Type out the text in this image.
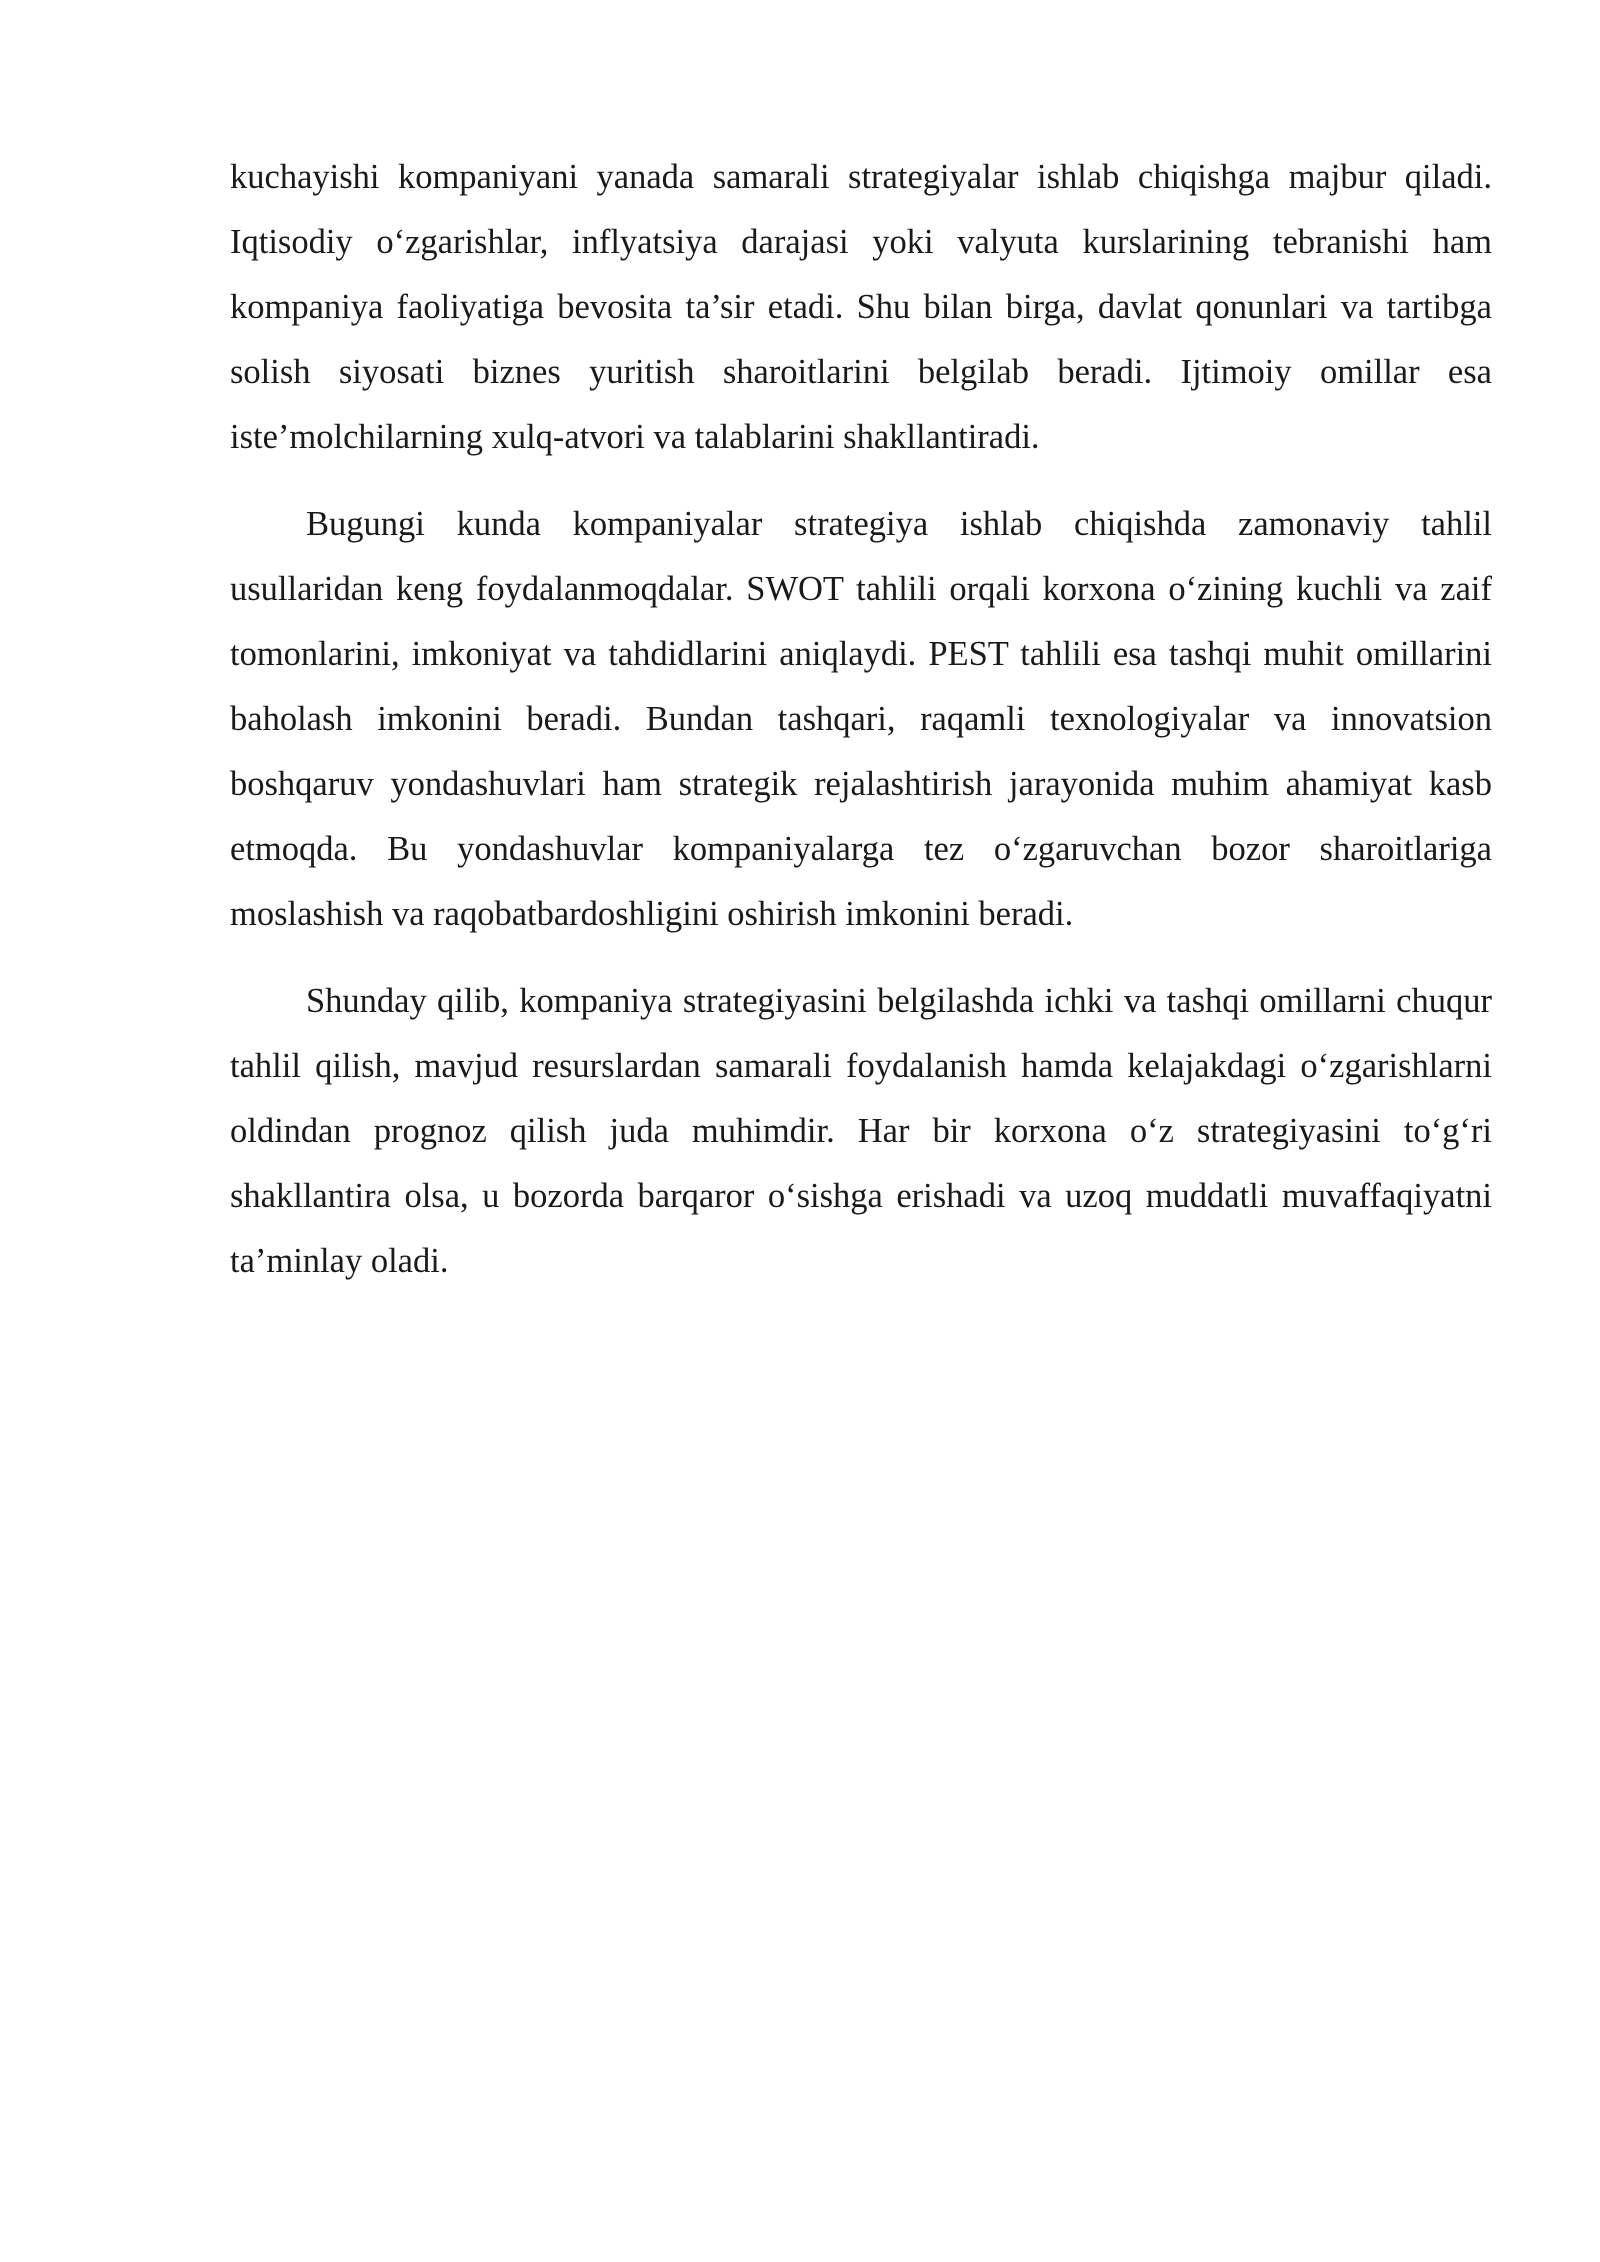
kuchayishi kompaniyani yanada samarali strategiyalar ishlab chiqishga majbur qiladi. Iqtisodiy o‘zgarishlar, inflyatsiya darajasi yoki valyuta kurslarining tebranishi ham kompaniya faoliyatiga bevosita ta’sir etadi. Shu bilan birga, davlat qonunlari va tartibga solish siyosati biznes yuritish sharoitlarini belgilab beradi. Ijtimoiy omillar esa iste’molchilarning xulq-atvori va talablarini shakllantiradi.

Bugungi kunda kompaniyalar strategiya ishlab chiqishda zamonaviy tahlil usullaridan keng foydalanmoqdalar. SWOT tahlili orqali korxona o‘zining kuchli va zaif tomonlarini, imkoniyat va tahdidlarini aniqlaydi. PEST tahlili esa tashqi muhit omillarini baholash imkonini beradi. Bundan tashqari, raqamli texnologiyalar va innovatsion boshqaruv yondashuvlari ham strategik rejalashtirish jarayonida muhim ahamiyat kasb etmoqda. Bu yondashuvlar kompaniyalarga tez o‘zgaruvchan bozor sharoitlariga moslashish va raqobatbardoshligini oshirish imkonini beradi.

Shunday qilib, kompaniya strategiyasini belgilashda ichki va tashqi omillarni chuqur tahlil qilish, mavjud resurslardan samarali foydalanish hamda kelajakdagi o‘zgarishlarni oldindan prognoz qilish juda muhimdir. Har bir korxona o‘z strategiyasini to‘g‘ri shakllantira olsa, u bozorda barqaror o‘sishga erishadi va uzoq muddatli muvaffaqiyatni ta’minlay oladi.
